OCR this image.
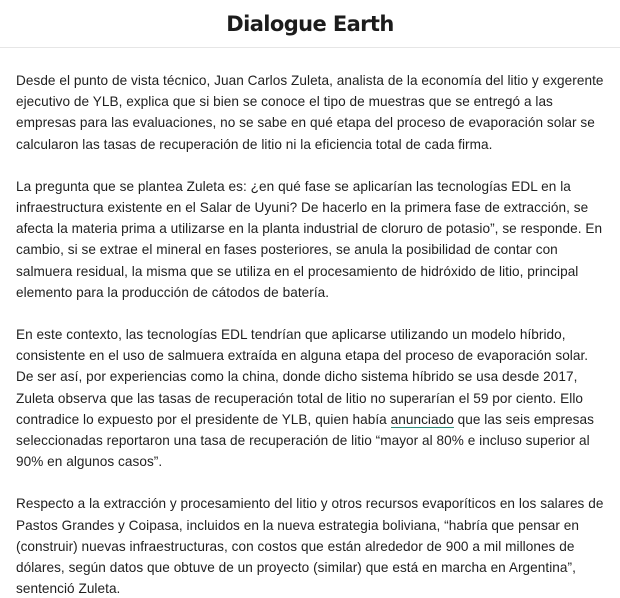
Dialogue Earth

Desde el punto de vista técnico, Juan Carlos Zuleta, analista de la economía del litio y exgerente ejecutivo de YLB, explica que si bien se conoce el tipo de muestras que se entregó a las empresas para las evaluaciones, no se sabe en qué etapa del proceso de evaporación solar se calcularon las tasas de recuperación de litio ni la eficiencia total de cada firma.

La pregunta que se plantea Zuleta es: ¿en qué fase se aplicarían las tecnologías EDL en la infraestructura existente en el Salar de Uyuni? De hacerlo en la primera fase de extracción, se afecta la materia prima a utilizarse en la planta industrial de cloruro de potasio”, se responde. En cambio, si se extrae el mineral en fases posteriores, se anula la posibilidad de contar con salmuera residual, la misma que se utiliza en el procesamiento de hidróxido de litio, principal elemento para la producción de cátodos de batería.

En este contexto, las tecnologías EDL tendrían que aplicarse utilizando un modelo híbrido, consistente en el uso de salmuera extraída en alguna etapa del proceso de evaporación solar. De ser así, por experiencias como la china, donde dicho sistema híbrido se usa desde 2017, Zuleta observa que las tasas de recuperación total de litio no superarían el 59 por ciento. Ello contradice lo expuesto por el presidente de YLB, quien había anunciado que las seis empresas seleccionadas reportaron una tasa de recuperación de litio “mayor al 80% e incluso superior al 90% en algunos casos”.

Respecto a la extracción y procesamiento del litio y otros recursos evaporíticos en los salares de Pastos Grandes y Coipasa, incluidos en la nueva estrategia boliviana, “habría que pensar en (construir) nuevas infraestructuras, con costos que están alrededor de 900 a mil millones de dólares, según datos que obtuve de un proyecto (similar) que está en marcha en Argentina”, sentenció Zuleta.
